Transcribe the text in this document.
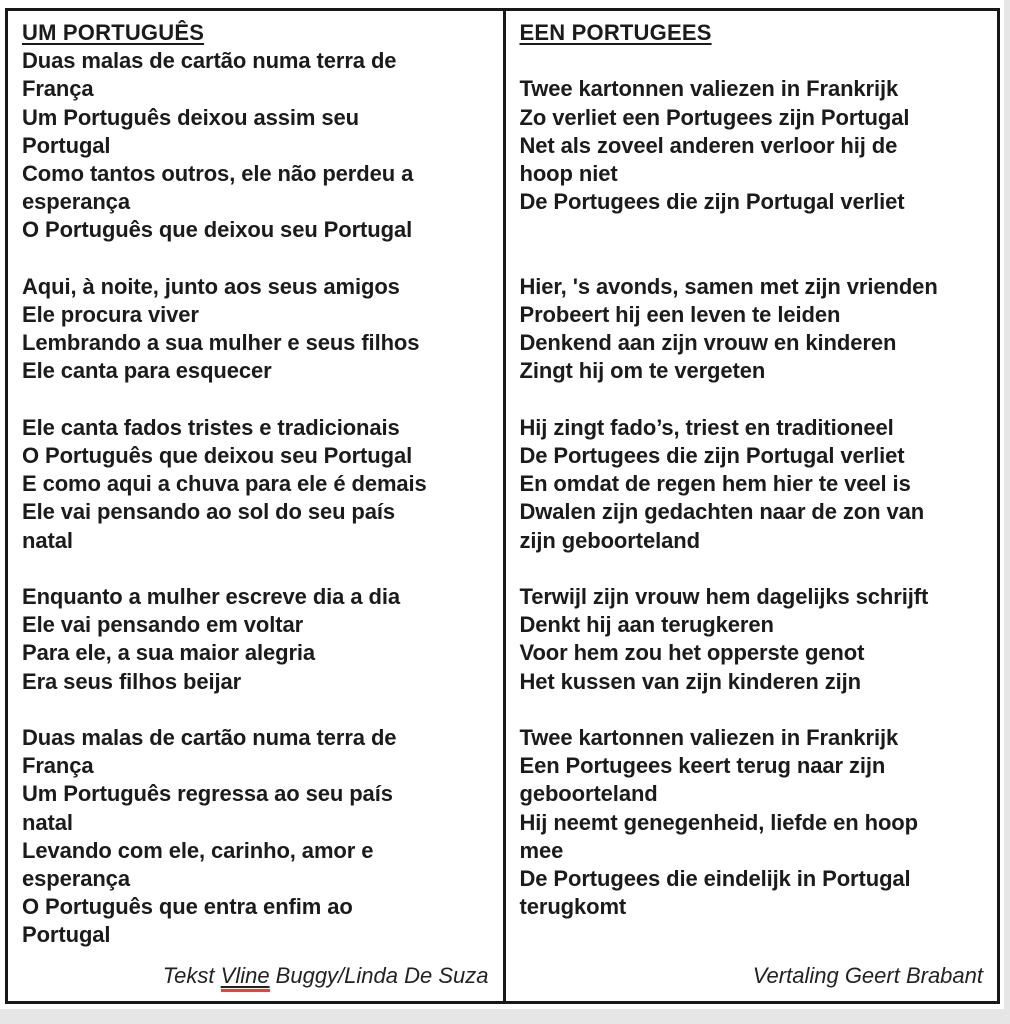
UM PORTUGUÊS
Duas malas de cartão numa terra de
França
Um Português deixou assim seu
Portugal
Como tantos outros, ele não perdeu a
esperança
O Português que deixou seu Portugal
Aqui, à noite, junto aos seus amigos
Ele procura viver
Lembrando a sua mulher e seus filhos
Ele canta para esquecer
Ele canta fados tristes e tradicionais
O Português que deixou seu Portugal
E como aqui a chuva para ele é demais
Ele vai pensando ao sol do seu país
natal
Enquanto a mulher escreve dia a dia
Ele vai pensando em voltar
Para ele, a sua maior alegria
Era seus filhos beijar
Duas malas de cartão numa terra de
França
Um Português regressa ao seu país
natal
Levando com ele, carinho, amor e
esperança
O Português que entra enfim ao
Portugal
Tekst Vline Buggy/Linda De Suza
EEN PORTUGEES
Twee kartonnen valiezen in Frankrijk
Zo verliet een Portugees zijn Portugal
Net als zoveel anderen verloor hij de
hoop niet
De Portugees die zijn Portugal verliet
Hier, 's avonds, samen met zijn vrienden
Probeert hij een leven te leiden
Denkend aan zijn vrouw en kinderen
Zingt hij om te vergeten
Hij zingt fado’s, triest en traditioneel
De Portugees die zijn Portugal verliet
En omdat de regen hem hier te veel is
Dwalen zijn gedachten naar de zon van
zijn geboorteland
Terwijl zijn vrouw hem dagelijks schrijft
Denkt hij aan terugkeren
Voor hem zou het opperste genot
Het kussen van zijn kinderen zijn
Twee kartonnen valiezen in Frankrijk
Een Portugees keert terug naar zijn
geboorteland
Hij neemt genegenheid, liefde en hoop
mee
De Portugees die eindelijk in Portugal
terugkomt
Vertaling Geert Brabant
